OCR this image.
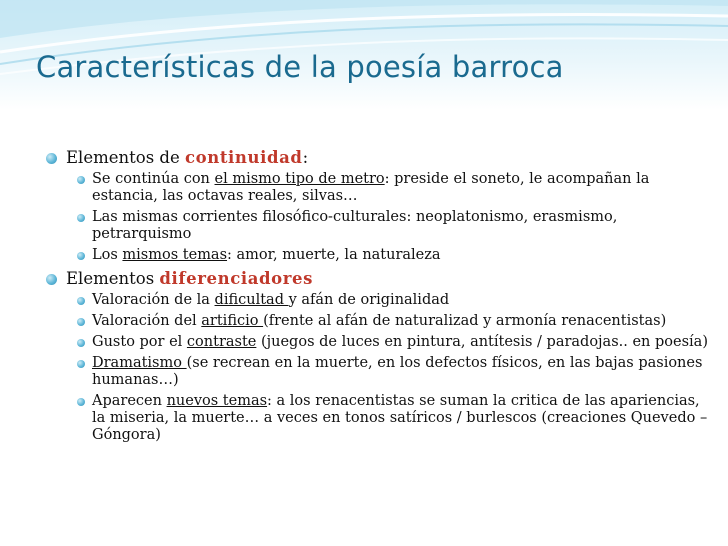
Características de la poesía barroca
Elementos de continuidad:
Se continúa con el mismo tipo de metro: preside el soneto, le acompañan la estancia, las octavas reales, silvas…
Las mismas corrientes filosófico-culturales: neoplatonismo, erasmismo, petrarquismo
Los mismos temas: amor, muerte, la naturaleza
Elementos diferenciadores
Valoración de la dificultad y afán de originalidad
Valoración del artificio (frente al afán de naturalizad y armonía renacentistas)
Gusto por el contraste (juegos de luces en pintura, antítesis / paradojas.. en poesía)
Dramatismo (se recrean en la muerte, en los defectos físicos, en las bajas pasiones humanas…)
Aparecen nuevos temas: a los renacentistas se suman la critica de las apariencias, la miseria, la muerte… a veces en tonos satíricos / burlescos (creaciones Quevedo – Góngora)
